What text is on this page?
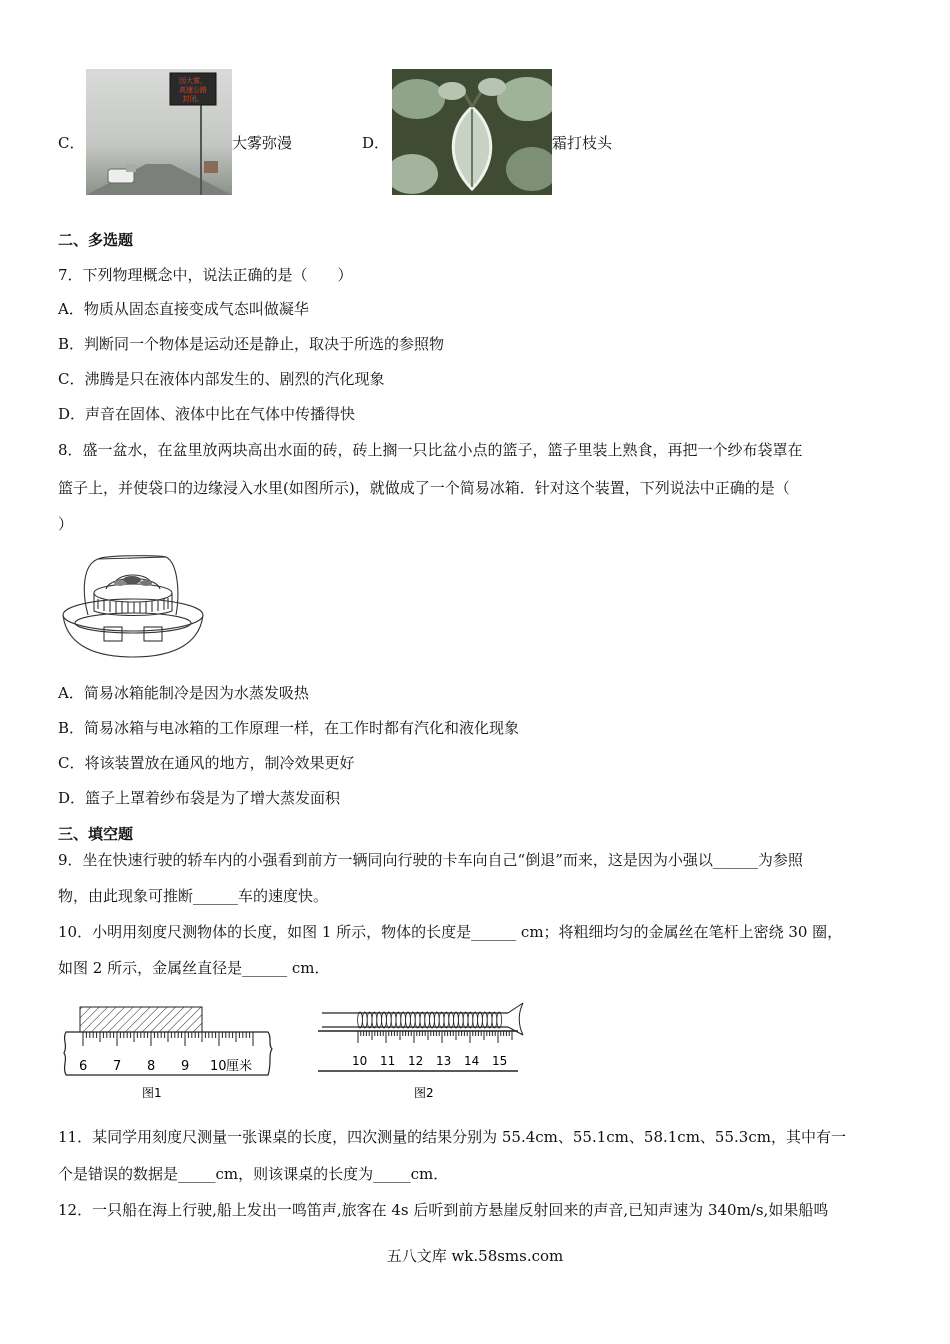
C．
因大雾，
高速公路
封闭。
大雾弥漫	D．	霜打枝头
二、多选题
7．下列物理概念中，说法正确的是（　　）
A．物质从固态直接变成气态叫做凝华
B．判断同一个物体是运动还是静止，取决于所选的参照物
C．沸腾是只在液体内部发生的、剧烈的汽化现象
D．声音在固体、液体中比在气体中传播得快
8．盛一盆水，在盆里放两块高出水面的砖，砖上搁一只比盆小点的篮子，篮子里装上熟食，再把一个纱布袋罩在
篮子上，并使袋口的边缘浸入水里(如图所示)，就做成了一个简易冰箱．针对这个装置，下列说法中正确的是（
）
A．简易冰箱能制冷是因为水蒸发吸热
B．简易冰箱与电冰箱的工作原理一样，在工作时都有汽化和液化现象
C．将该装置放在通风的地方，制冷效果更好
D．篮子上罩着纱布袋是为了增大蒸发面积
三、填空题
9．坐在快速行驶的轿车内的小强看到前方一辆同向行驶的卡车向自己“倒退”而来，这是因为小强以______为参照
物，由此现象可推断______车的速度快。
10．小明用刻度尺测物体的长度，如图 1 所示，物体的长度是______ cm；将粗细均匀的金属丝在笔杆上密绕 30 圈，
如图 2 所示，金属丝直径是______ cm．
6 7 8 9 10 厘米
图1
10 11 12 13 14 15
图2
11．某同学用刻度尺测量一张课桌的长度，四次测量的结果分别为 55.4cm、55.1cm、58.1cm、55.3cm，其中有一
个是错误的数据是_____cm，则该课桌的长度为_____cm．
12．一只船在海上行驶,船上发出一鸣笛声,旅客在 4s 后听到前方悬崖反射回来的声音,已知声速为 340m/s,如果船鸣
五八文库 wk.58sms.com
